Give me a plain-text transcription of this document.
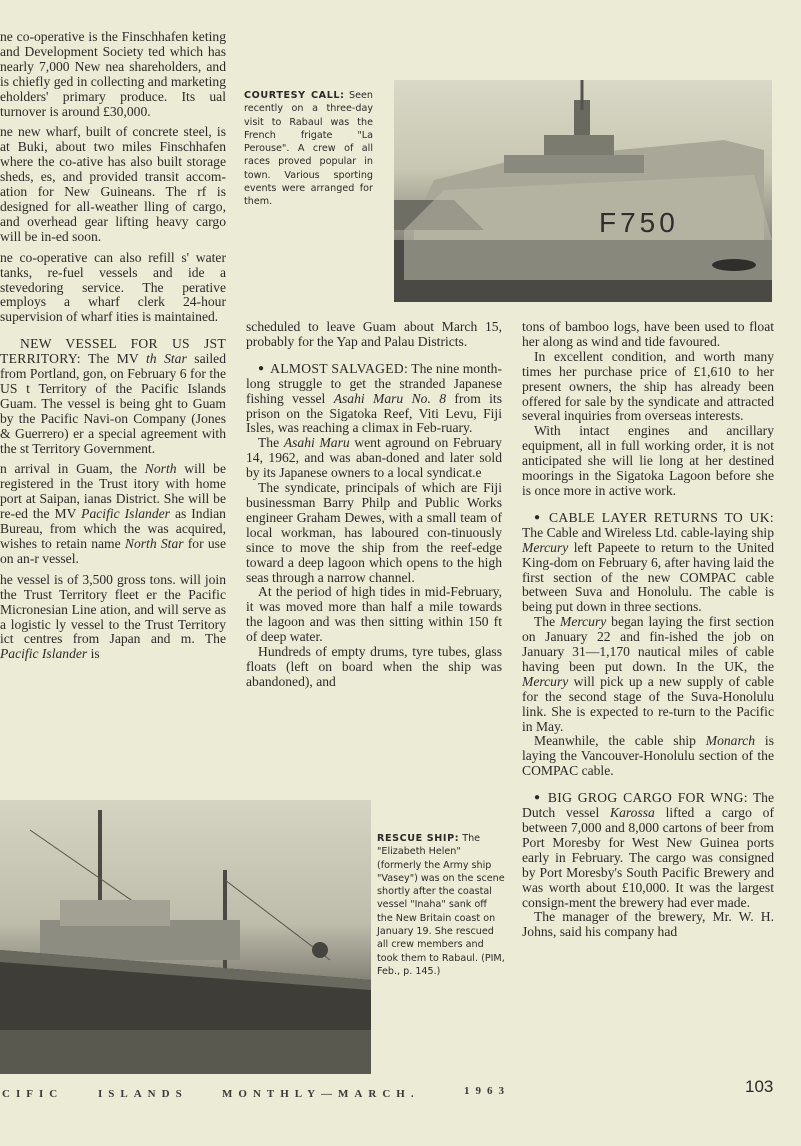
ne co-operative is the Finschhafen keting and Development Society ted which has nearly 7,000 New nea shareholders, and is chiefly ged in collecting and marketing eholders' primary produce. Its ual turnover is around £30,000.

ne new wharf, built of concrete steel, is at Buki, about two miles Finschhafen where the co-ative has also built storage sheds, es, and provided transit accom-ation for New Guineans. The rf is designed for all-weather lling of cargo, and overhead gear lifting heavy cargo will be in-ed soon.

ne co-operative can also refill s' water tanks, re-fuel vessels and ide a stevedoring service. The perative employs a wharf clerk 24-hour supervision of wharf ities is maintained.

NEW VESSEL FOR US JST TERRITORY: The MV th Star sailed from Portland, gon, on February 6 for the US t Territory of the Pacific Islands Guam. The vessel is being ght to Guam by the Pacific Navi-on Company (Jones & Guerrero) er a special agreement with the st Territory Government.

n arrival in Guam, the North will be registered in the Trust itory with home port at Saipan, ianas District. She will be re-ed the MV Pacific Islander as Indian Bureau, from which the was acquired, wishes to retain name North Star for use on an-r vessel.

he vessel is of 3,500 gross tons. will join the Trust Territory fleet er the Pacific Micronesian Line ation, and will serve as a logistic ly vessel to the Trust Territory ict centres from Japan and m. The Pacific Islander is

COURTESY CALL: Seen recently on a three-day visit to Rabaul was the French frigate "La Perouse". A crew of all races proved popular in town. Various sporting events were arranged for them.
F750

scheduled to leave Guam about March 15, probably for the Yap and Palau Districts.

● ALMOST SALVAGED: The nine month-long struggle to get the stranded Japanese fishing vessel Asahi Maru No. 8 from its prison on the Sigatoka Reef, Viti Levu, Fiji Isles, was reaching a climax in Feb-ruary.

The Asahi Maru went aground on February 14, 1962, and was aban-doned and later sold by its Japanese owners to a local syndicat.e

The syndicate, principals of which are Fiji businessman Barry Philp and Public Works engineer Graham Dewes, with a small team of local workman, has laboured con-tinuously since to move the ship from the reef-edge toward a deep lagoon which opens to the high seas through a narrow channel.

At the period of high tides in mid-February, it was moved more than half a mile towards the lagoon and was then sitting within 150 ft of deep water.

Hundreds of empty drums, tyre tubes, glass floats (left on board when the ship was abandoned), and

tons of bamboo logs, have been used to float her along as wind and tide favoured.

In excellent condition, and worth many times her purchase price of £1,610 to her present owners, the ship has already been offered for sale by the syndicate and attracted several inquiries from overseas interests.

With intact engines and ancillary equipment, all in full working order, it is not anticipated she will lie long at her destined moorings in the Sigatoka Lagoon before she is once more in active work.

● CABLE LAYER RETURNS TO UK: The Cable and Wireless Ltd. cable-laying ship Mercury left Papeete to return to the United King-dom on February 6, after having laid the first section of the new COMPAC cable between Suva and Honolulu. The cable is being put down in three sections.

The Mercury began laying the first section on January 22 and fin-ished the job on January 31—1,170 nautical miles of cable having been put down. In the UK, the Mercury will pick up a new supply of cable for the second stage of the Suva-Honolulu link. She is expected to re-turn to the Pacific in May.

Meanwhile, the cable ship Monarch is laying the Vancouver-Honolulu section of the COMPAC cable.

● BIG GROG CARGO FOR WNG: The Dutch vessel Karossa lifted a cargo of between 7,000 and 8,000 cartons of beer from Port Moresby for West New Guinea ports early in February. The cargo was consigned by Port Moresby's South Pacific Brewery and was worth about £10,000. It was the largest consign-ment the brewery had ever made.

The manager of the brewery, Mr. W. H. Johns, said his company had

RESCUE SHIP: The "Elizabeth Helen" (formerly the Army ship "Vasey") was on the scene shortly after the coastal vessel "Inaha" sank off the New Britain coast on January 19. She rescued all crew members and took them to Rabaul. (PIM, Feb., p. 145.)
CIFIC	ISLANDS	MONTHLY—MARCH.	1963	103
